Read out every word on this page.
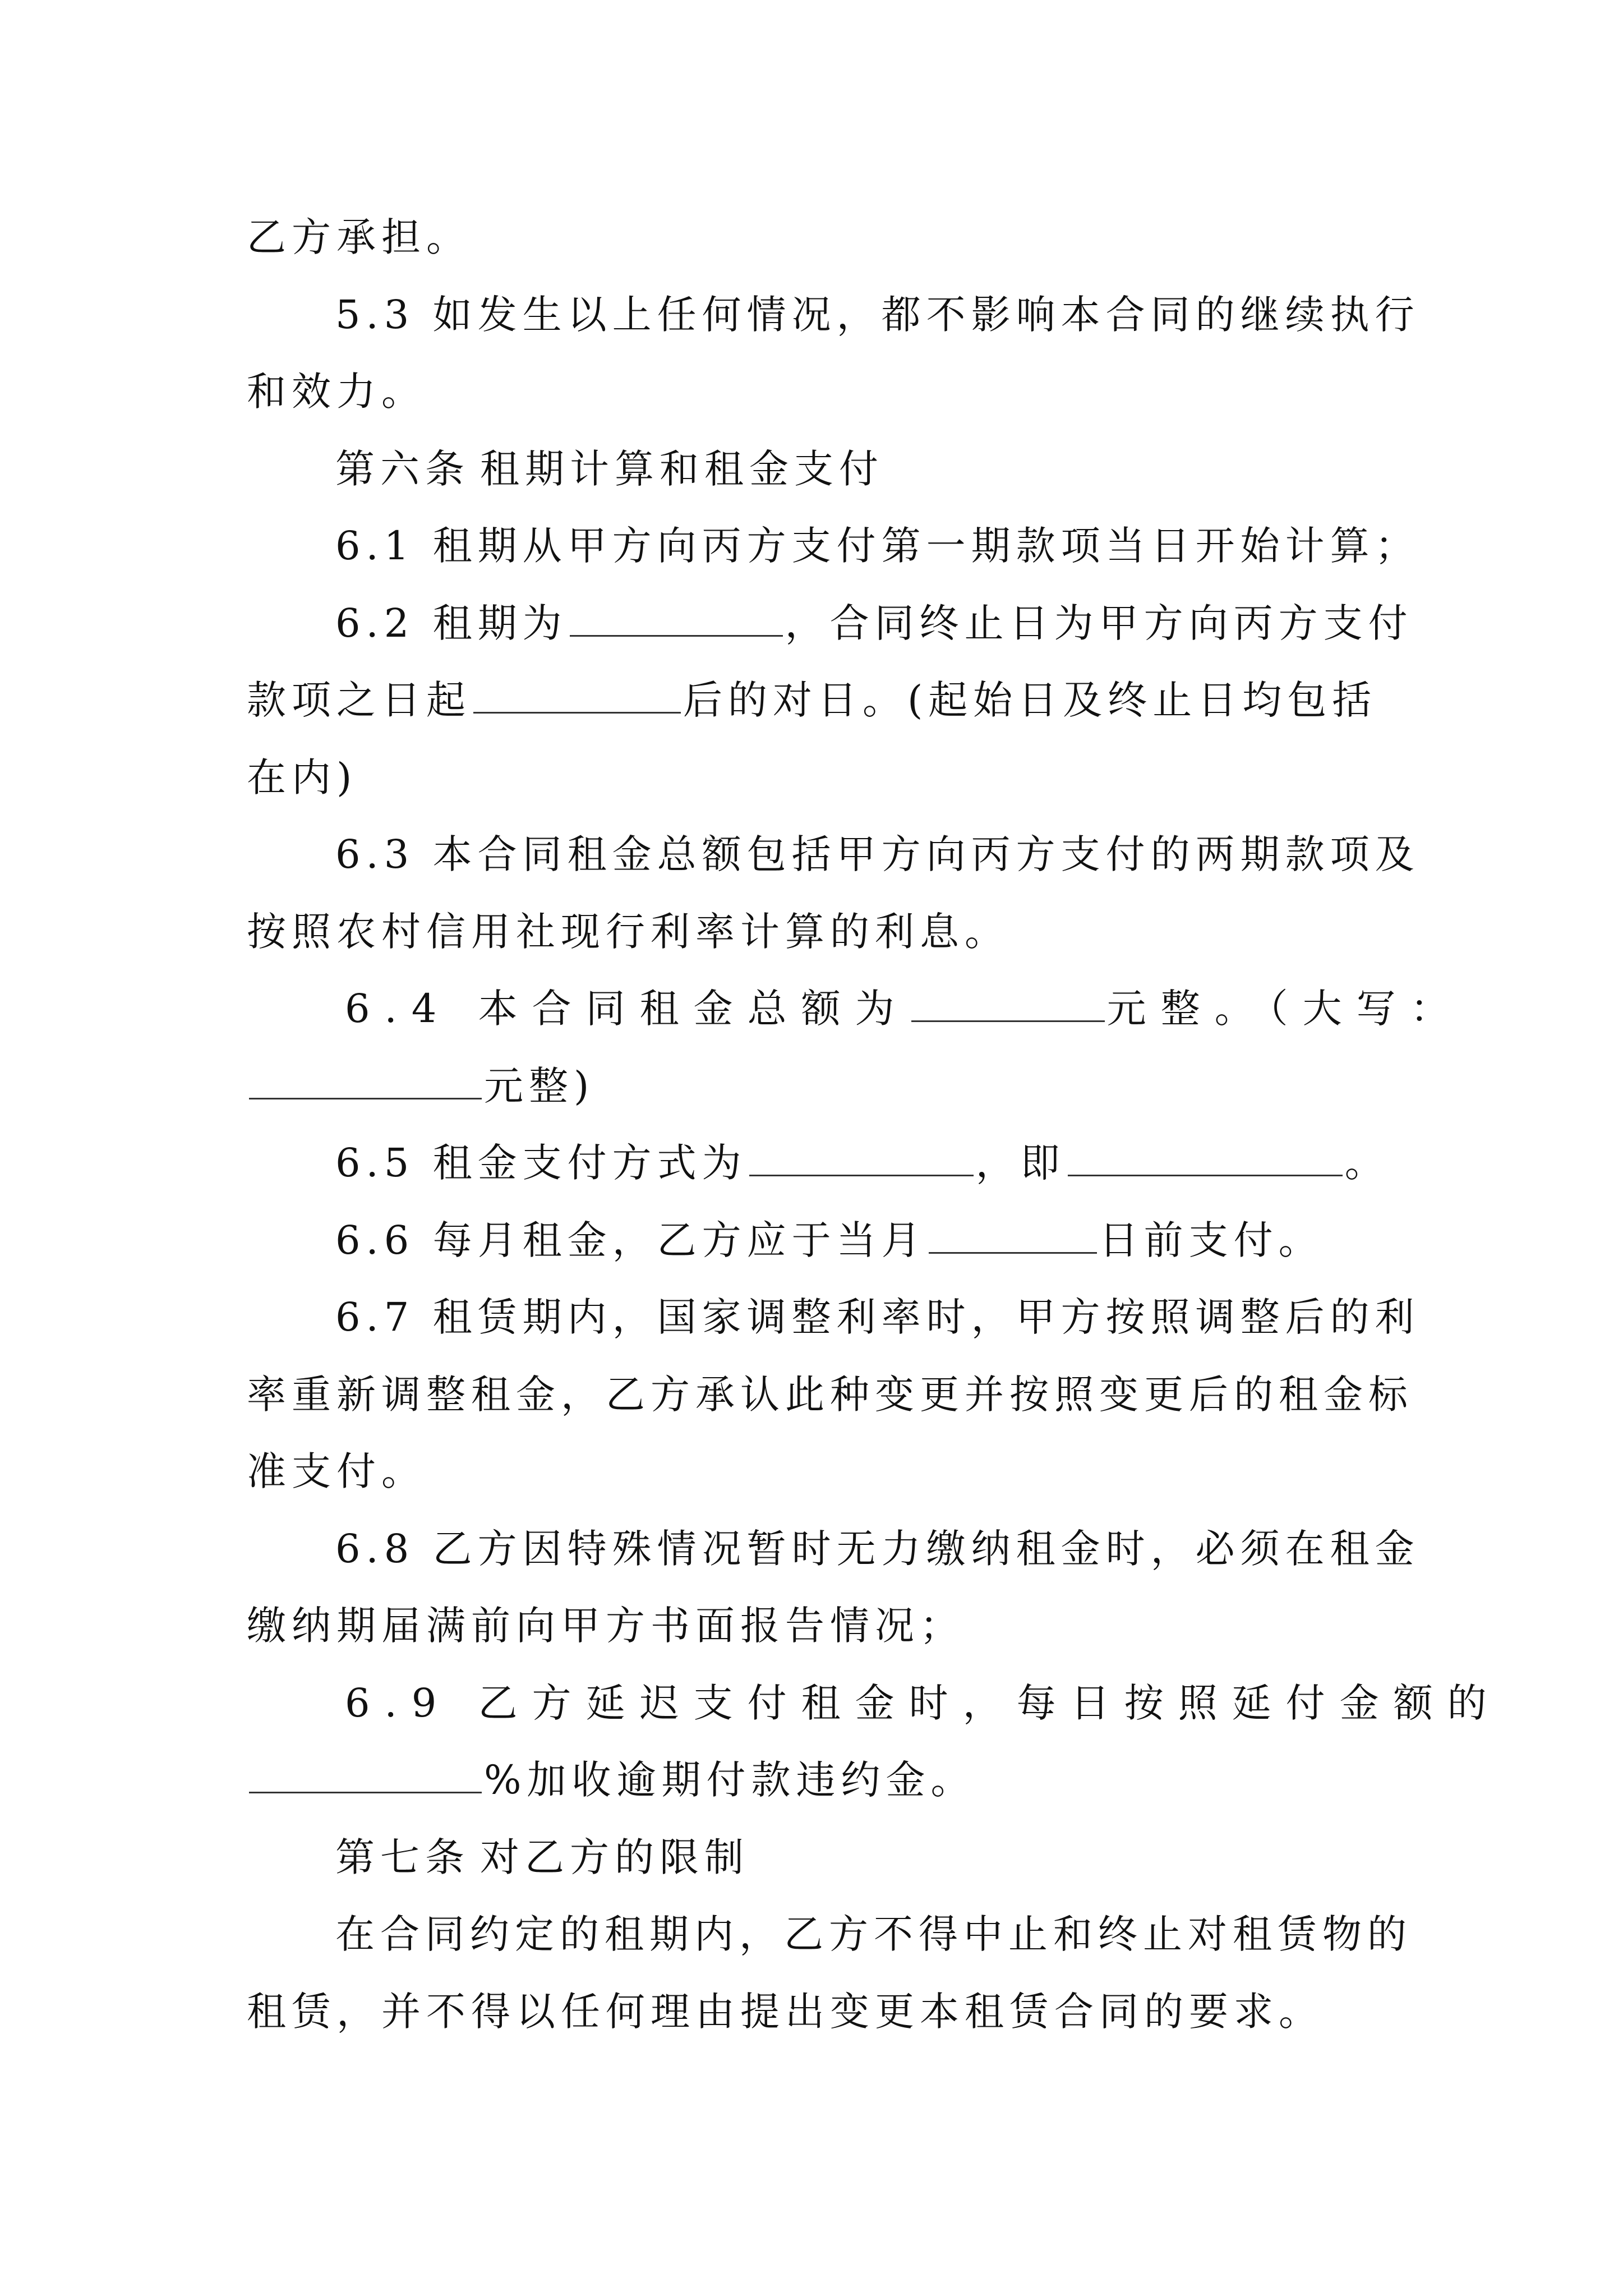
乙方承担。
5.3 如发生以上任何情况，都不影响本合同的继续执行
和效力。
第六条 租期计算和租金支付
6.1 租期从甲方向丙方支付第一期款项当日开始计算；
6.2 租期为	，合同终止日为甲方向丙方支付
款项之日起	后的对日。(起始日及终止日均包括
在内)
6.3 本合同租金总额包括甲方向丙方支付的两期款项及
按照农村信用社现行利率计算的利息。
6.4 本合同租金总额为	元整。（大写：
元整)
6.5 租金支付方式为	，即	。
6.6 每月租金，乙方应于当月	日前支付。
6.7 租赁期内，国家调整利率时，甲方按照调整后的利
率重新调整租金，乙方承认此种变更并按照变更后的租金标
准支付。
6.8 乙方因特殊情况暂时无力缴纳租金时，必须在租金
缴纳期届满前向甲方书面报告情况；
6.9 乙方延迟支付租金时，每日按照延付金额的
%加收逾期付款违约金。
第七条 对乙方的限制
在合同约定的租期内，乙方不得中止和终止对租赁物的
租赁，并不得以任何理由提出变更本租赁合同的要求。
